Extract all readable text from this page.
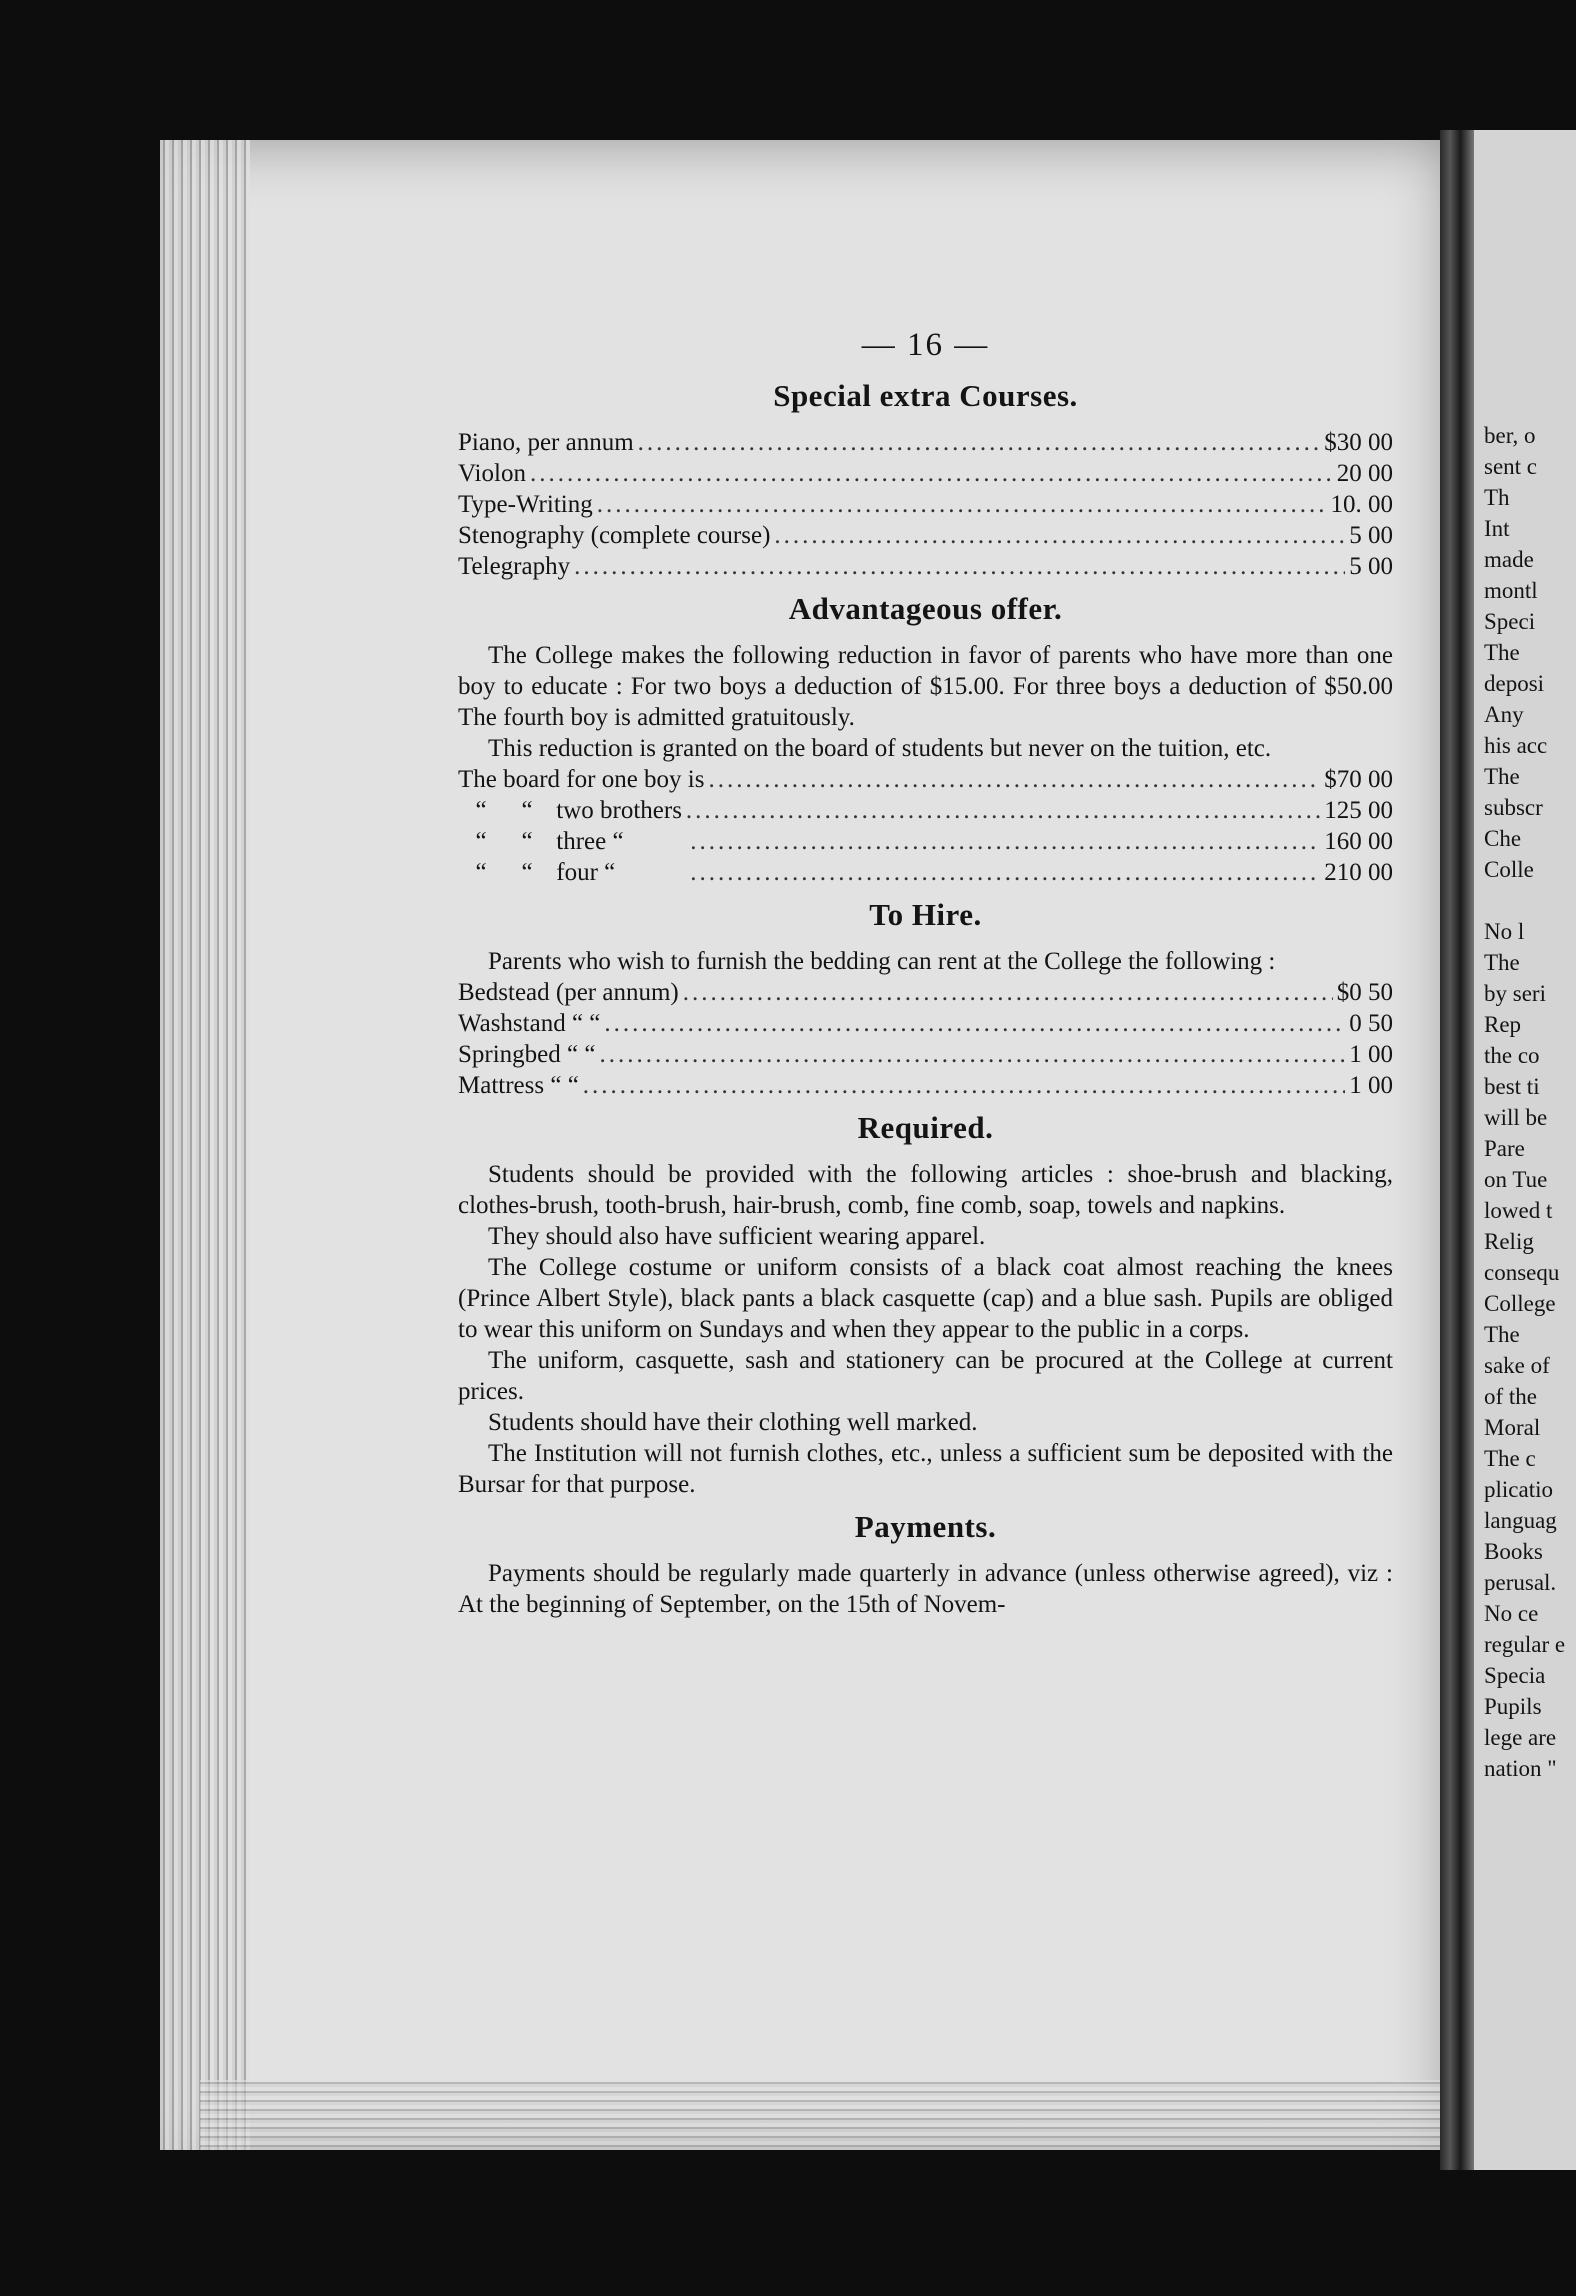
— 16 —
Special extra Courses.
Piano, per annum .....	$30 00
Violon .....	20 00
Type-Writing .....	10. 00
Stenography (complete course) .....	5 00
Telegraphy .....	5 00
Advantageous offer.

The College makes the following reduction in favor of parents who have more than one boy to educate : For two boys a deduction of $15.00. For three boys a deduction of $50.00 The fourth boy is admitted gratuitously.

This reduction is granted on the board of students but never on the tuition, etc.

The board for one boy is .....	$70 00
“ “ two brothers .....	125 00
“ “ three “ .....	160 00
“ “ four “ .....	210 00
To Hire.

Parents who wish to furnish the bedding can rent at the College the following :

Bedstead (per annum) .....	$0 50
Washstand “ “ .....	0 50
Springbed “ “ .....	1 00
Mattress “ “ .....	1 00
Required.

Students should be provided with the following articles : shoe-brush and blacking, clothes-brush, tooth-brush, hair-brush, comb, fine comb, soap, towels and napkins.

They should also have sufficient wearing apparel.

The College costume or uniform consists of a black coat almost reaching the knees (Prince Albert Style), black pants a black casquette (cap) and a blue sash. Pupils are obliged to wear this uniform on Sundays and when they appear to the public in a corps.

The uniform, casquette, sash and stationery can be procured at the College at current prices.

Students should have their clothing well marked.

The Institution will not furnish clothes, etc., unless a sufficient sum be deposited with the Bursar for that purpose.

Payments.

Payments should be regularly made quarterly in advance (unless otherwise agreed), viz : At the beginning of September, on the 15th of Novem-

ber, o
sent c
Th
Int
made
montl
Speci
The
deposi
Any
his acc
The
subscr
Che
Colle
No l
The
by seri
Rep
the co
best ti
will be
Pare
on Tue
lowed t
Relig
consequ
College
The
sake of
of the
Moral
The c
plicatio
languag
Books
perusal.
No ce
regular e
Specia
Pupils
lege are
nation "
